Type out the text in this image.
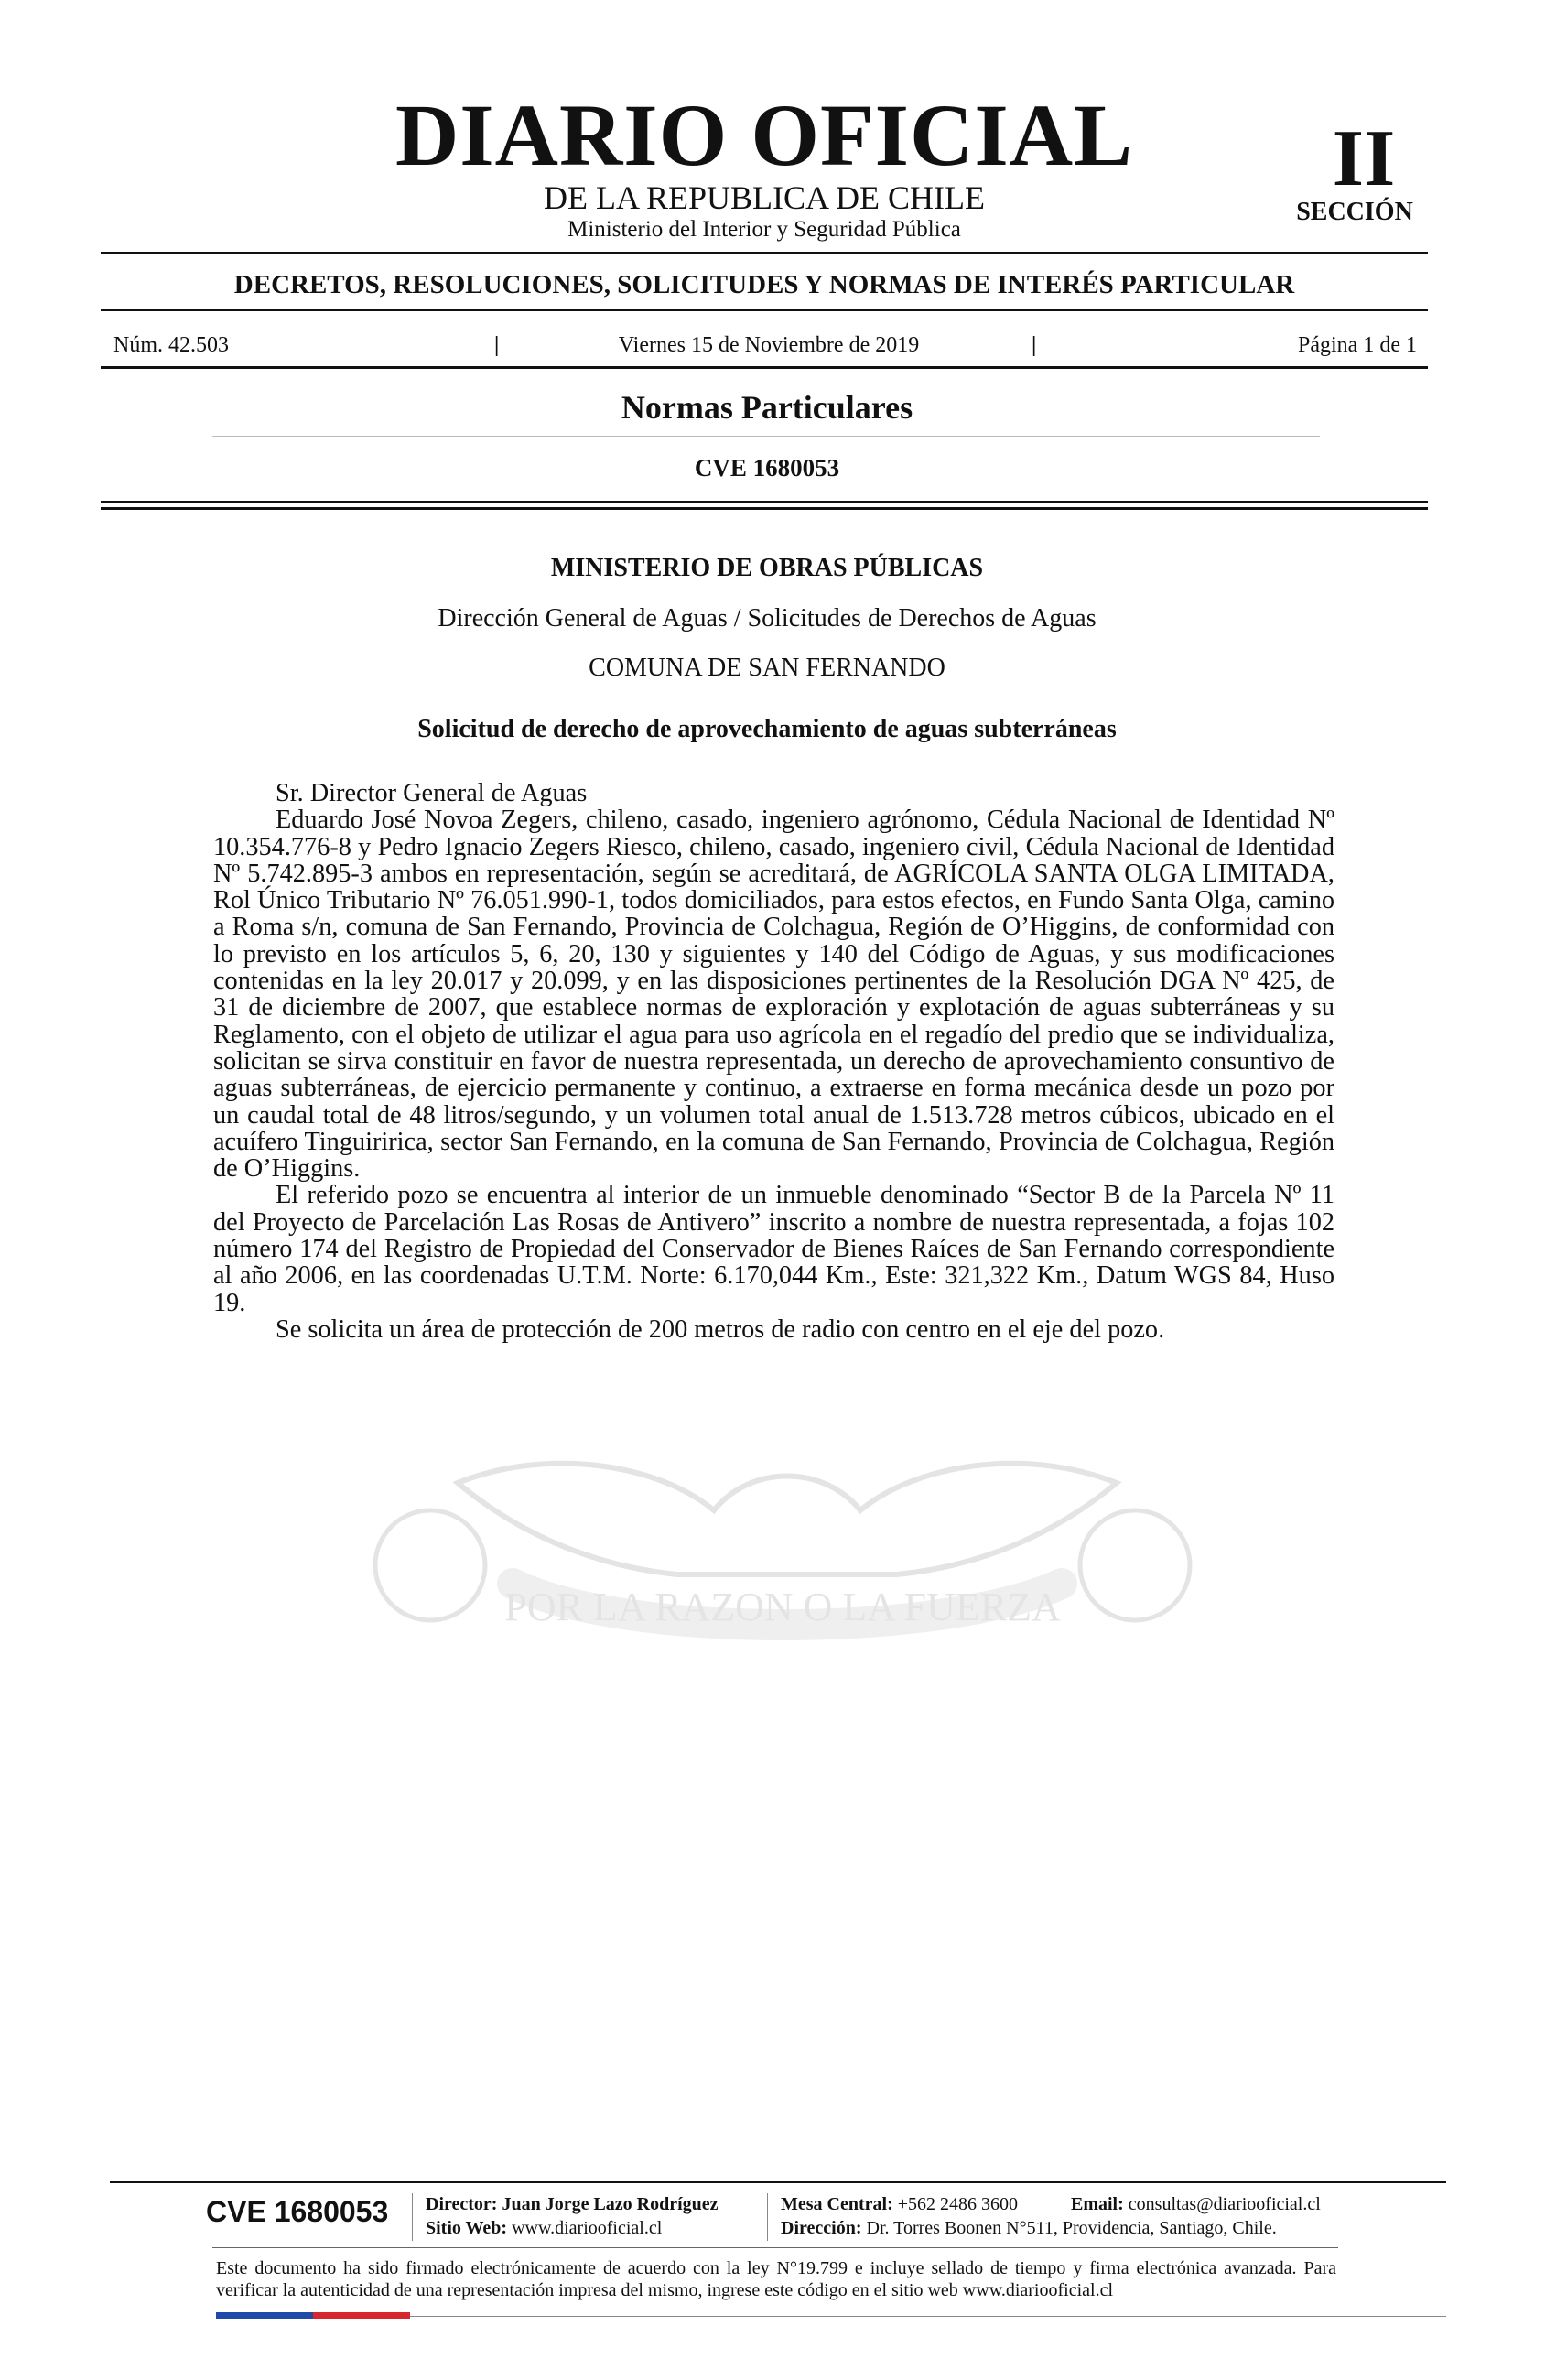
DIARIO OFICIAL
DE LA REPUBLICA DE CHILE
Ministerio del Interior y Seguridad Pública
II
SECCIÓN
DECRETOS, RESOLUCIONES, SOLICITUDES Y NORMAS DE INTERÉS PARTICULAR
Núm. 42.503	|	Viernes 15 de Noviembre de 2019	|	Página 1 de 1
Normas Particulares
CVE 1680053
MINISTERIO DE OBRAS PÚBLICAS
Dirección General de Aguas / Solicitudes de Derechos de Aguas
COMUNA DE SAN FERNANDO
Solicitud de derecho de aprovechamiento de aguas subterráneas
POR LA RAZON O LA FUERZA

Sr. Director General de Aguas

Eduardo José Novoa Zegers, chileno, casado, ingeniero agrónomo, Cédula Nacional de Identidad Nº 10.354.776-8 y Pedro Ignacio Zegers Riesco, chileno, casado, ingeniero civil, Cédula Nacional de Identidad Nº 5.742.895-3 ambos en representación, según se acreditará, de AGRÍCOLA SANTA OLGA LIMITADA, Rol Único Tributario Nº 76.051.990-1, todos domiciliados, para estos efectos, en Fundo Santa Olga, camino a Roma s/n, comuna de San Fernando, Provincia de Colchagua, Región de O’Higgins, de conformidad con lo previsto en los artículos 5, 6, 20, 130 y siguientes y 140 del Código de Aguas, y sus modificaciones contenidas en la ley 20.017 y 20.099, y en las disposiciones pertinentes de la Resolución DGA Nº 425, de 31 de diciembre de 2007, que establece normas de exploración y explotación de aguas subterráneas y su Reglamento, con el objeto de utilizar el agua para uso agrícola en el regadío del predio que se individualiza, solicitan se sirva constituir en favor de nuestra representada, un derecho de aprovechamiento consuntivo de aguas subterráneas, de ejercicio permanente y continuo, a extraerse en forma mecánica desde un pozo por un caudal total de 48 litros/segundo, y un volumen total anual de 1.513.728 metros cúbicos, ubicado en el acuífero Tinguiririca, sector San Fernando, en la comuna de San Fernando, Provincia de Colchagua, Región de O’Higgins.

El referido pozo se encuentra al interior de un inmueble denominado “Sector B de la Parcela Nº 11 del Proyecto de Parcelación Las Rosas de Antivero” inscrito a nombre de nuestra representada, a fojas 102 número 174 del Registro de Propiedad del Conservador de Bienes Raíces de San Fernando correspondiente al año 2006, en las coordenadas U.T.M. Norte: 6.170,044 Km., Este: 321,322 Km., Datum WGS 84, Huso 19.

Se solicita un área de protección de 200 metros de radio con centro en el eje del pozo.

CVE 1680053 Director: Juan Jorge Lazo Rodríguez
Sitio Web: www.diariooficial.cl
Mesa Central: +562 2486 3600	Email: consultas@diariooficial.cl
Dirección: Dr. Torres Boonen N°511, Providencia, Santiago, Chile.
Este documento ha sido firmado electrónicamente de acuerdo con la ley N°19.799 e incluye sellado de tiempo y firma electrónica avanzada. Para verificar la autenticidad de una representación impresa del mismo, ingrese este código en el sitio web www.diariooficial.cl
